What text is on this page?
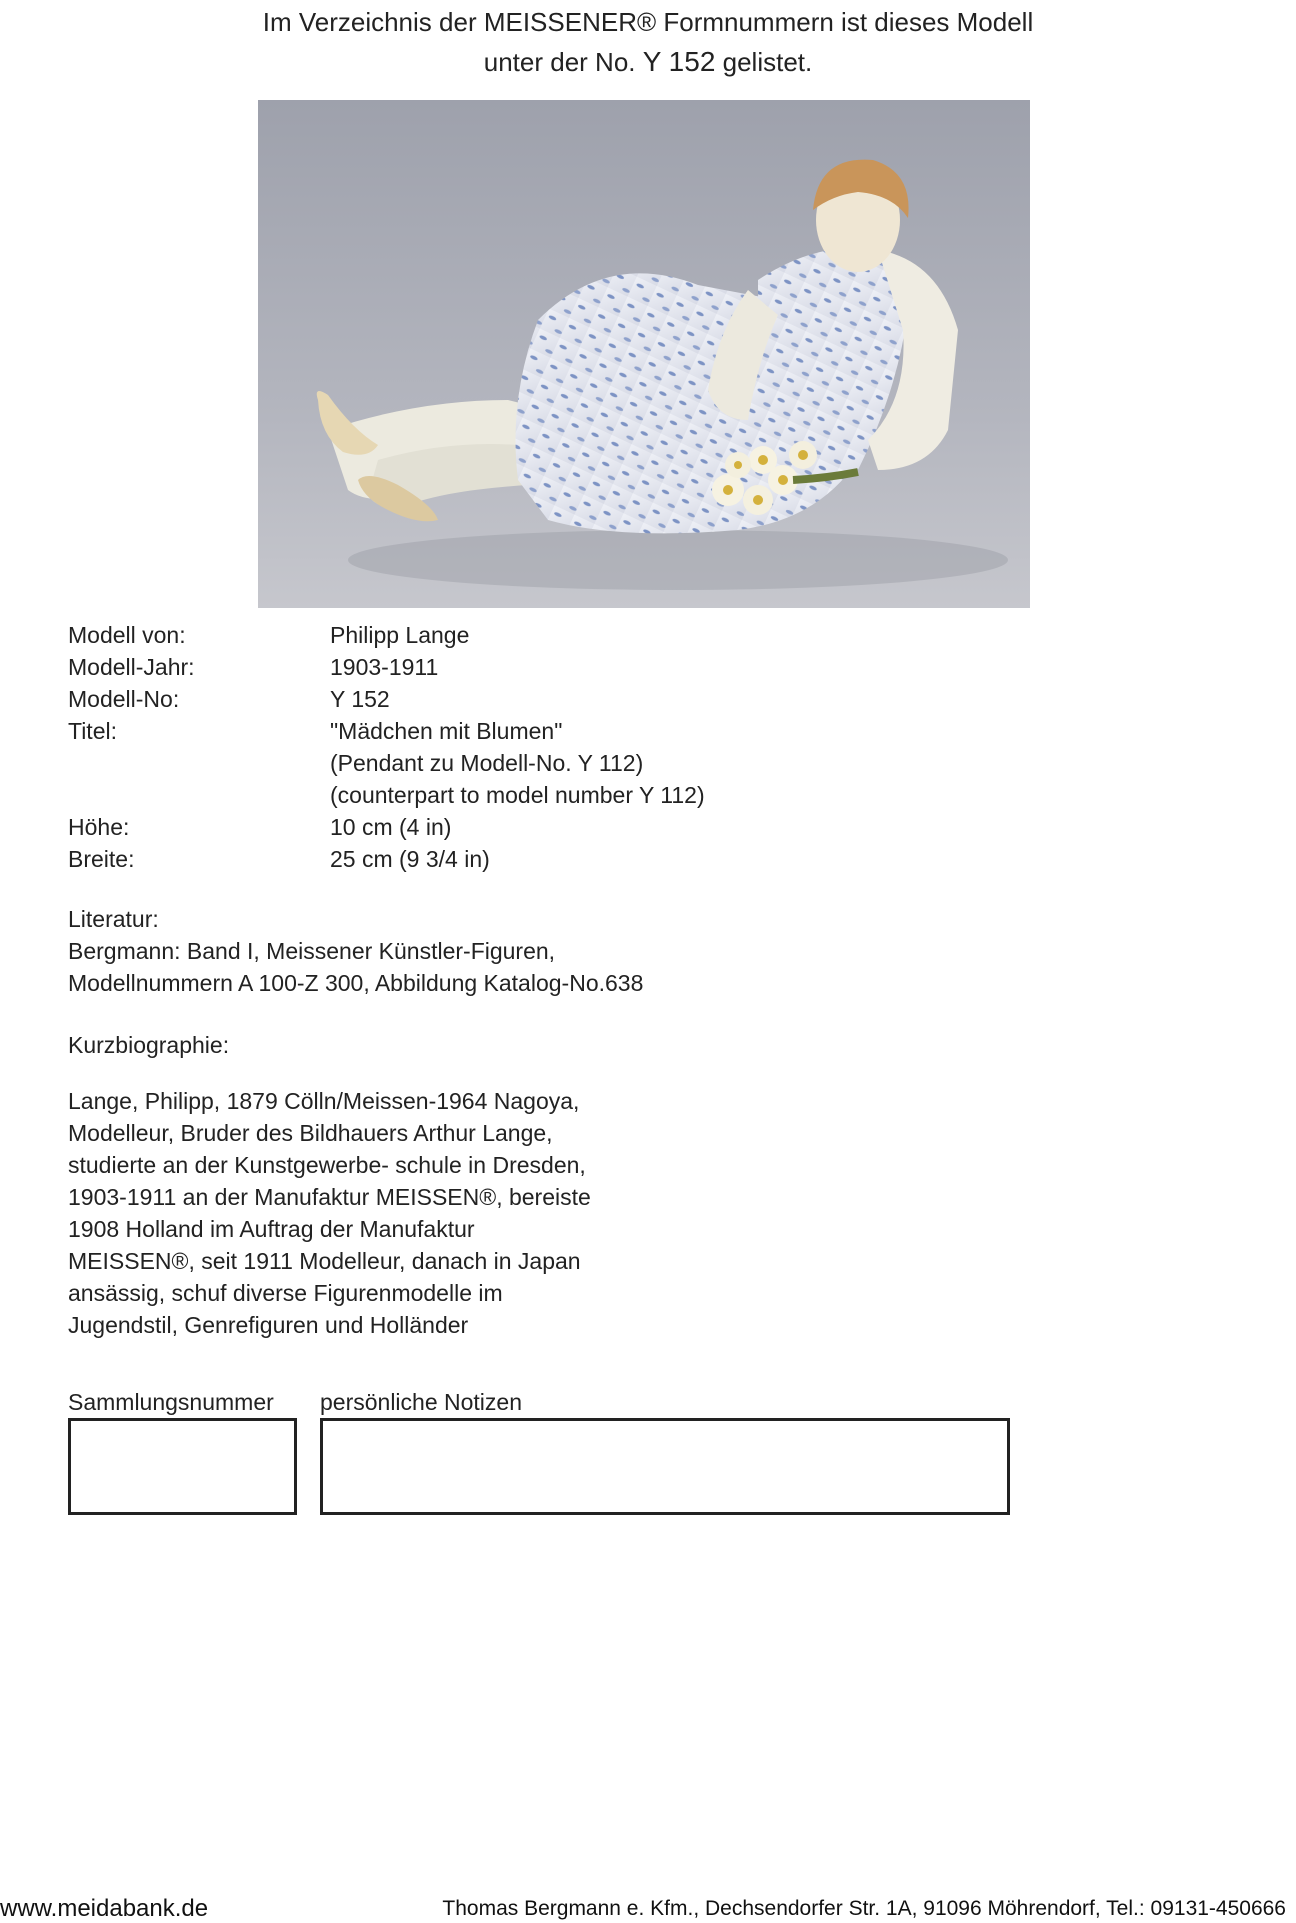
Im Verzeichnis der MEISSENER® Formnummern ist dieses Modell
unter der No. Y 152 gelistet.
Modell von:	Philipp Lange
Modell-Jahr:	1903-1911
Modell-No:	Y 152
Titel:	"Mädchen mit Blumen"
(Pendant zu Modell-No. Y 112)
(counterpart to model number Y 112)
Höhe:	10 cm (4 in)
Breite:	25 cm (9 3/4 in)
Literatur:
Bergmann: Band I, Meissener Künstler-Figuren,
Modellnummern A 100-Z 300, Abbildung Katalog-No.638
Kurzbiographie:
Lange, Philipp, 1879 Cölln/Meissen-1964 Nagoya,
Modelleur, Bruder des Bildhauers Arthur Lange,
studierte an der Kunstgewerbe- schule in Dresden,
1903-1911 an der Manufaktur MEISSEN®, bereiste
1908 Holland im Auftrag der Manufaktur
MEISSEN®, seit 1911 Modelleur, danach in Japan
ansässig, schuf diverse Figurenmodelle im
Jugendstil, Genrefiguren und Holländer
Sammlungsnummer persönliche Notizen
www.meidabank.de	Thomas Bergmann e. Kfm., Dechsendorfer Str. 1A, 91096 Möhrendorf, Tel.: 09131-450666
